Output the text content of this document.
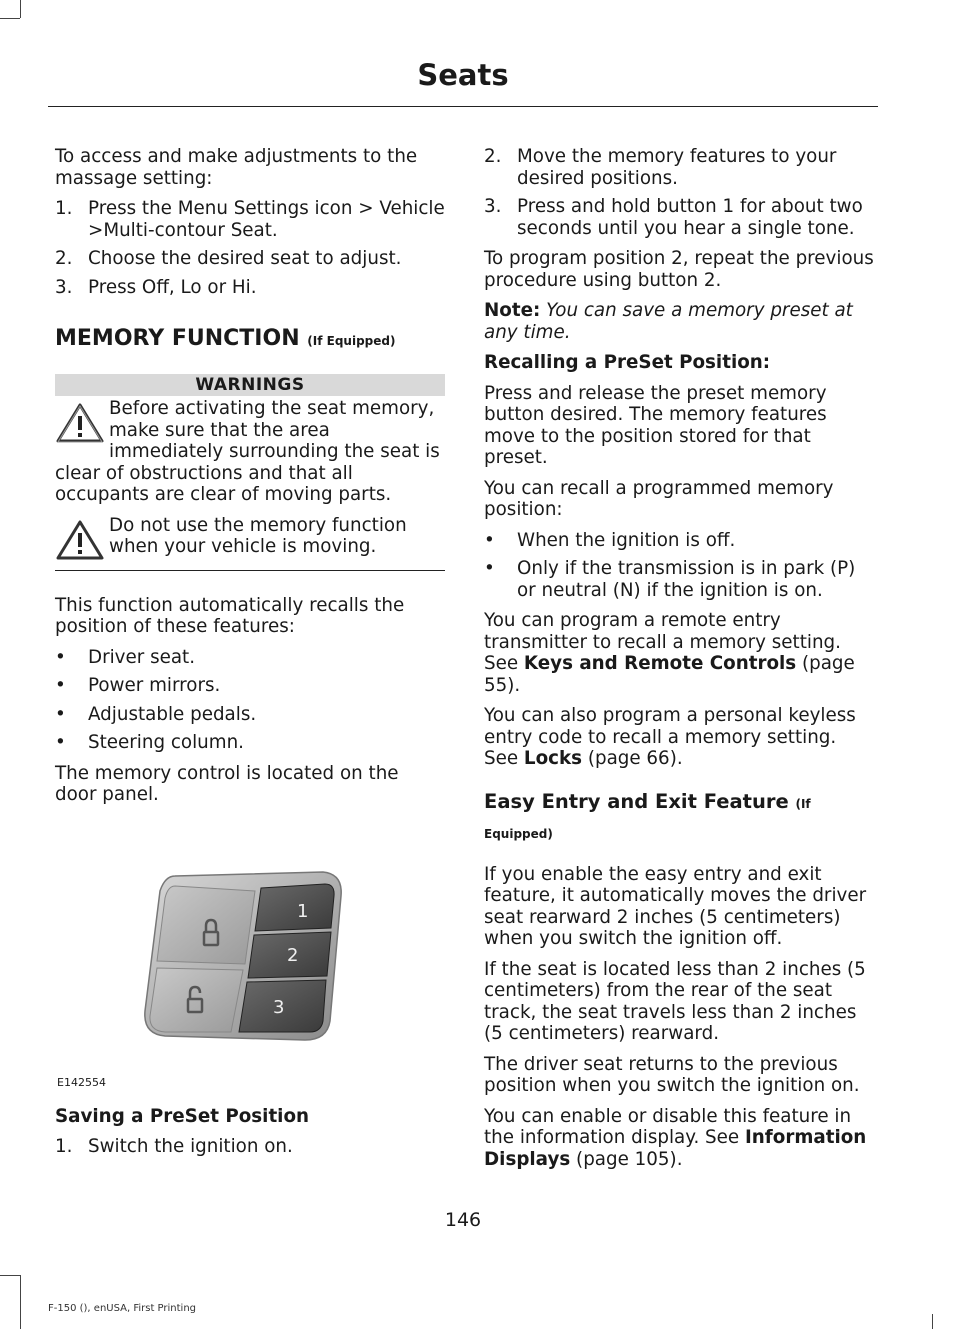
Seats

To access and make adjustments to the massage setting:

1. Press the Menu Settings icon > Vehicle >Multi-contour Seat.
2. Choose the desired seat to adjust.
3. Press Off, Lo or Hi.
MEMORY FUNCTION (If Equipped)
WARNINGS
Before activating the seat memory, make sure that the area immediately surrounding the seat is clear of obstructions and that all occupants are clear of moving parts.
Do not use the memory function when your vehicle is moving.

This function automatically recalls the position of these features:

• Driver seat.
• Power mirrors.
• Adjustable pedals.
• Steering column.

The memory control is located on the door panel.

1
2
3
E142554

Saving a PreSet Position

1. Switch the ignition on.
2. Move the memory features to your desired positions.
3. Press and hold button 1 for about two seconds until you hear a single tone.

To program position 2, repeat the previous procedure using button 2.

Note: You can save a memory preset at any time.

Recalling a PreSet Position:

Press and release the preset memory button desired. The memory features move to the position stored for that preset.

You can recall a programmed memory position:

• When the ignition is off.
• Only if the transmission is in park (P) or neutral (N) if the ignition is on.

You can program a remote entry transmitter to recall a memory setting. See Keys and Remote Controls (page 55).

You can also program a personal keyless entry code to recall a memory setting. See Locks (page 66).

Easy Entry and Exit Feature (If
Equipped)

If you enable the easy entry and exit feature, it automatically moves the driver seat rearward 2 inches (5 centimeters) when you switch the ignition off.

If the seat is located less than 2 inches (5 centimeters) from the rear of the seat track, the seat travels less than 2 inches (5 centimeters) rearward.

The driver seat returns to the previous position when you switch the ignition on.

You can enable or disable this feature in the information display. See Information Displays (page 105).

146
F-150 (), enUSA, First Printing
